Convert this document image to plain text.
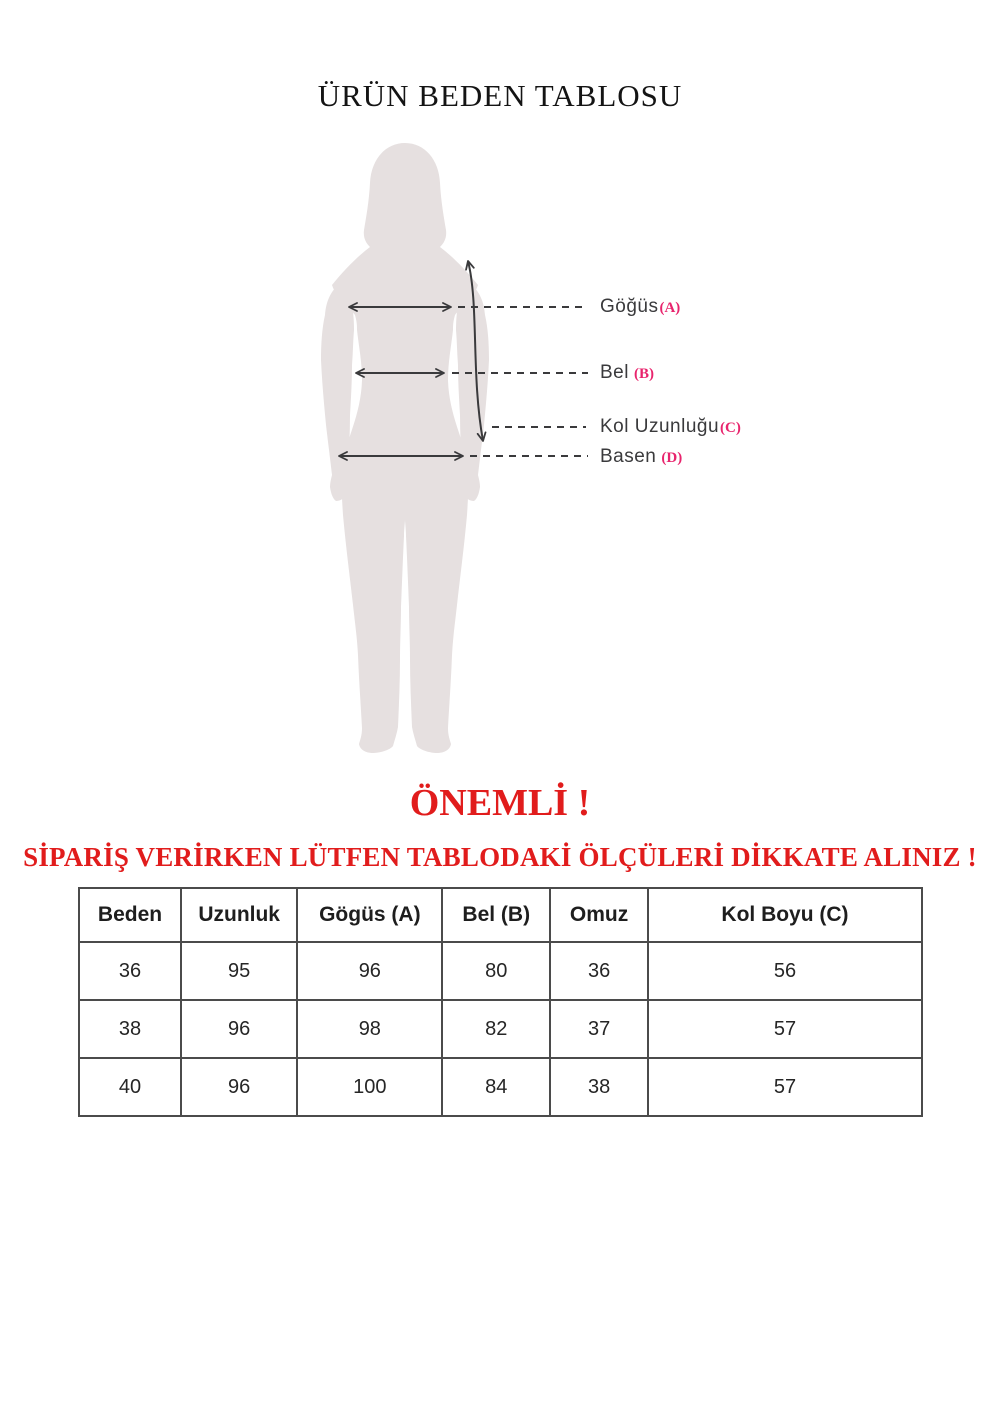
ÜRÜN BEDEN TABLOSU
Göğüs(A)
Bel (B)
Kol Uzunluğu(C)
Basen (D)
ÖNEMLİ !
SİPARİŞ VERİRKEN LÜTFEN TABLODAKİ ÖLÇÜLERİ DİKKATE ALINIZ !
Beden	Uzunluk	Gögüs (A)	Bel (B)	Omuz	Kol Boyu (C)
36	95	96	80	36	56
38	96	98	82	37	57
40	96	100	84	38	57
